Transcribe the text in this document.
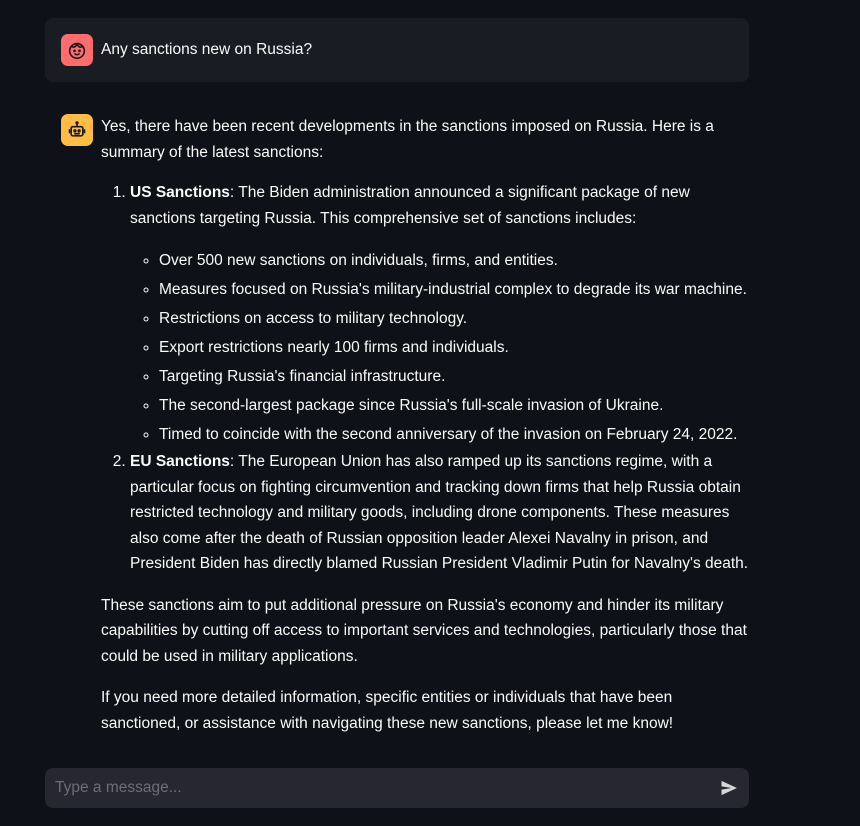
Any sanctions new on Russia?

Yes, there have been recent developments in the sanctions imposed on Russia. Here is a summary of the latest sanctions:

1. US Sanctions: The Biden administration announced a significant package of new sanctions targeting Russia. This comprehensive set of sanctions includes:
◦ Over 500 new sanctions on individuals, firms, and entities.
◦ Measures focused on Russia's military-industrial complex to degrade its war machine.
◦ Restrictions on access to military technology.
◦ Export restrictions nearly 100 firms and individuals.
◦ Targeting Russia's financial infrastructure.
◦ The second-largest package since Russia's full-scale invasion of Ukraine.
◦ Timed to coincide with the second anniversary of the invasion on February 24, 2022.
2. EU Sanctions: The European Union has also ramped up its sanctions regime, with a particular focus on fighting circumvention and tracking down firms that help Russia obtain restricted technology and military goods, including drone components. These measures also come after the death of Russian opposition leader Alexei Navalny in prison, and President Biden has directly blamed Russian President Vladimir Putin for Navalny's death.

These sanctions aim to put additional pressure on Russia's economy and hinder its military capabilities by cutting off access to important services and technologies, particularly those that could be used in military applications.

If you need more detailed information, specific entities or individuals that have been sanctioned, or assistance with navigating these new sanctions, please let me know!

Type a message...
